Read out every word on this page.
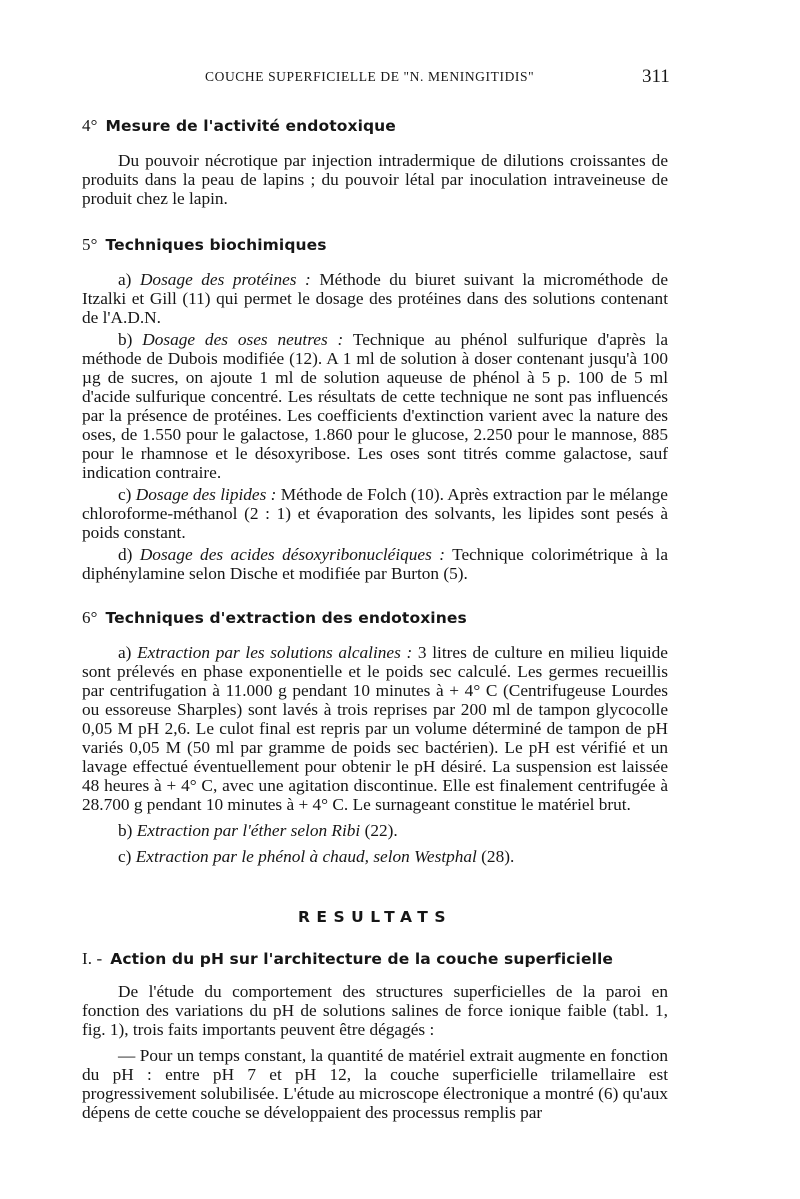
COUCHE SUPERFICIELLE DE "N. MENINGITIDIS"	311
4° Mesure de l'activité endotoxique

Du pouvoir nécrotique par injection intradermique de dilutions croissantes de produits dans la peau de lapins ; du pouvoir létal par inoculation intraveineuse de produit chez le lapin.

5° Techniques biochimiques

a) Dosage des protéines : Méthode du biuret suivant la microméthode de Itzalki et Gill (11) qui permet le dosage des protéines dans des solutions contenant de l'A.D.N.

b) Dosage des oses neutres : Technique au phénol sulfurique d'après la méthode de Dubois modifiée (12). A 1 ml de solution à doser contenant jusqu'à 100 µg de sucres, on ajoute 1 ml de solution aqueuse de phénol à 5 p. 100 de 5 ml d'acide sulfurique concentré. Les résultats de cette technique ne sont pas influencés par la présence de protéines. Les coefficients d'extinction varient avec la nature des oses, de 1.550 pour le galactose, 1.860 pour le glucose, 2.250 pour le mannose, 885 pour le rhamnose et le désoxyribose. Les oses sont titrés comme galactose, sauf indication contraire.

c) Dosage des lipides : Méthode de Folch (10). Après extraction par le mélange chloroforme-méthanol (2 : 1) et évaporation des solvants, les lipides sont pesés à poids constant.

d) Dosage des acides désoxyribonucléiques : Technique colorimétrique à la diphénylamine selon Dische et modifiée par Burton (5).

6° Techniques d'extraction des endotoxines

a) Extraction par les solutions alcalines : 3 litres de culture en milieu liquide sont prélevés en phase exponentielle et le poids sec calculé. Les germes recueillis par centrifugation à 11.000 g pendant 10 minutes à + 4° C (Centrifugeuse Lourdes ou essoreuse Sharples) sont lavés à trois reprises par 200 ml de tampon glycocolle 0,05 M pH 2,6. Le culot final est repris par un volume déterminé de tampon de pH variés 0,05 M (50 ml par gramme de poids sec bactérien). Le pH est vérifié et un lavage effectué éventuellement pour obtenir le pH désiré. La suspension est laissée 48 heures à + 4° C, avec une agitation discontinue. Elle est finalement centrifugée à 28.700 g pendant 10 minutes à + 4° C. Le surnageant constitue le matériel brut.

b) Extraction par l'éther selon Ribi (22).

c) Extraction par le phénol à chaud, selon Westphal (28).

RESULTATS
I. - Action du pH sur l'architecture de la couche superficielle

De l'étude du comportement des structures superficielles de la paroi en fonction des variations du pH de solutions salines de force ionique faible (tabl. 1, fig. 1), trois faits importants peuvent être dégagés :

— Pour un temps constant, la quantité de matériel extrait augmente en fonction du pH : entre pH 7 et pH 12, la couche superficielle trilamellaire est progressivement solubilisée. L'étude au microscope électronique a montré (6) qu'aux dépens de cette couche se développaient des processus remplis par
